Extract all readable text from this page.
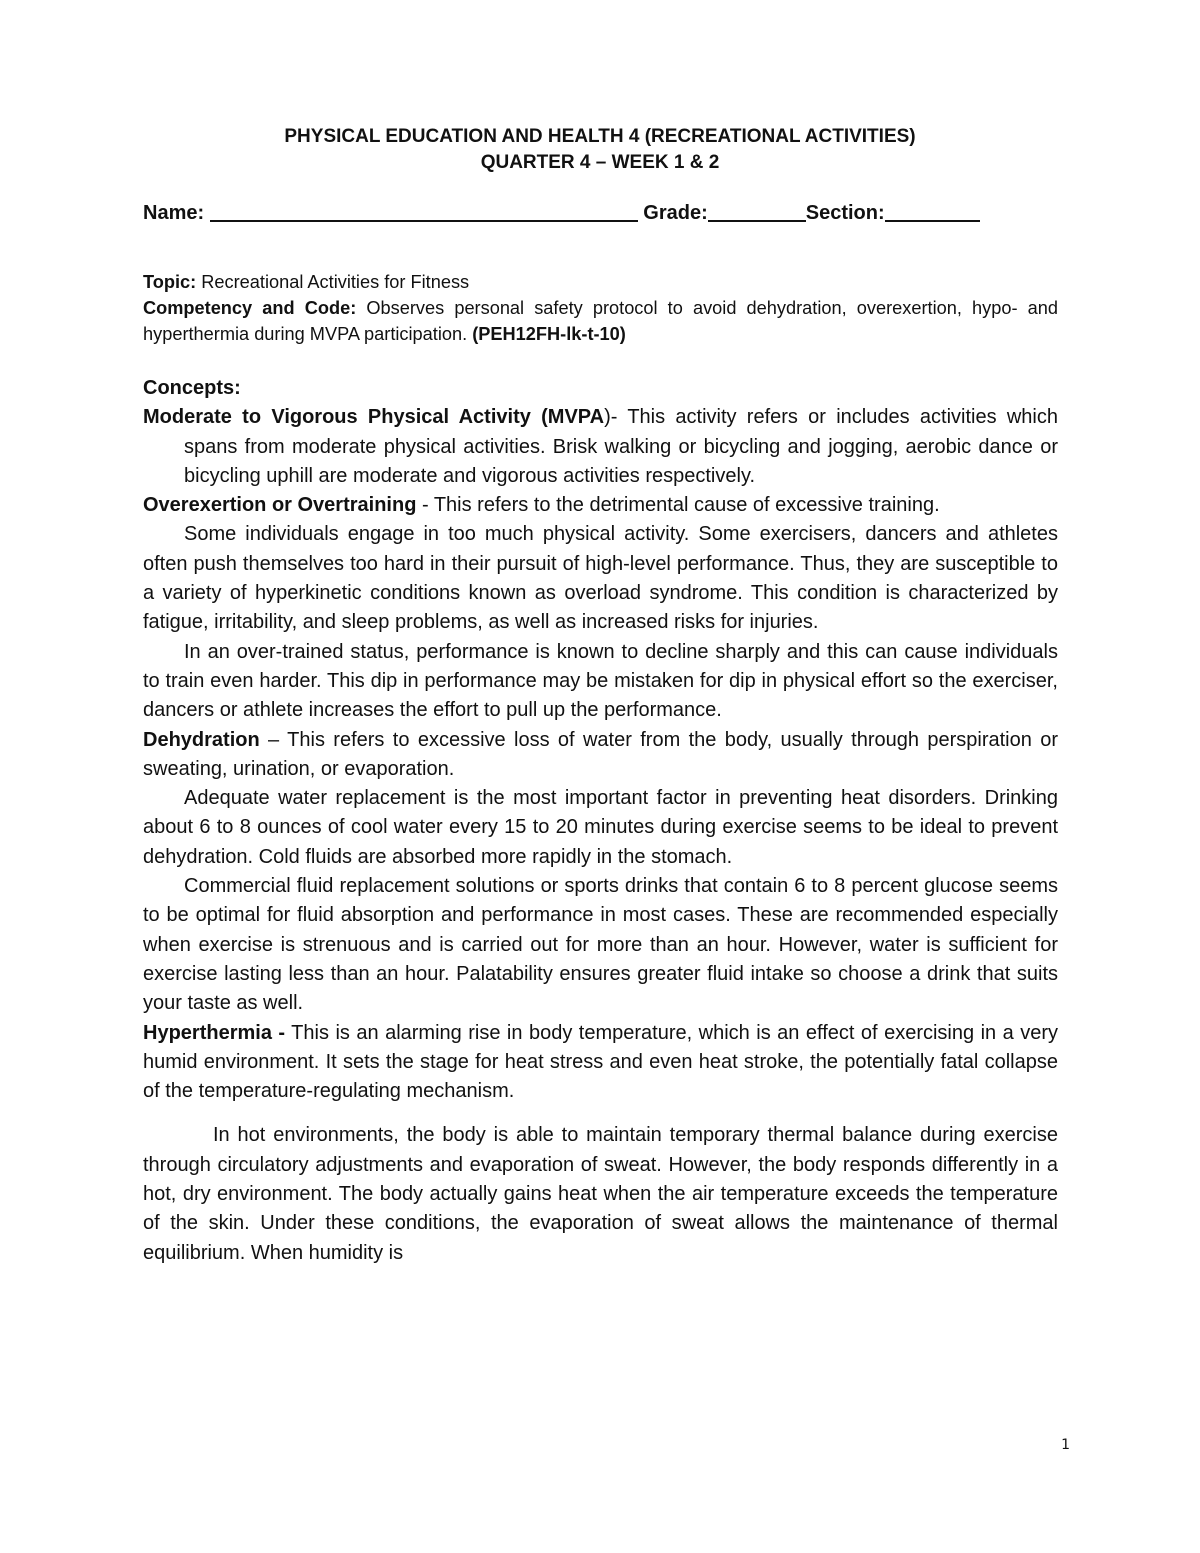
PHYSICAL EDUCATION AND HEALTH 4 (RECREATIONAL ACTIVITIES)
QUARTER 4 – WEEK 1 & 2
Name:	Grade:	Section:

Topic: Recreational Activities for Fitness

Competency and Code: Observes personal safety protocol to avoid dehydration, overexertion, hypo- and hyperthermia during MVPA participation. (PEH12FH-lk-t-10)

Concepts:

Moderate to Vigorous Physical Activity (MVPA)- This activity refers or includes activities which spans from moderate physical activities. Brisk walking or bicycling and jogging, aerobic dance or bicycling uphill are moderate and vigorous activities respectively.

Overexertion or Overtraining - This refers to the detrimental cause of excessive training.

Some individuals engage in too much physical activity. Some exercisers, dancers and athletes often push themselves too hard in their pursuit of high-level performance. Thus, they are susceptible to a variety of hyperkinetic conditions known as overload syndrome. This condition is characterized by fatigue, irritability, and sleep problems, as well as increased risks for injuries.

In an over-trained status, performance is known to decline sharply and this can cause individuals to train even harder. This dip in performance may be mistaken for dip in physical effort so the exerciser, dancers or athlete increases the effort to pull up the performance.

Dehydration – This refers to excessive loss of water from the body, usually through perspiration or sweating, urination, or evaporation.

Adequate water replacement is the most important factor in preventing heat disorders. Drinking about 6 to 8 ounces of cool water every 15 to 20 minutes during exercise seems to be ideal to prevent dehydration. Cold fluids are absorbed more rapidly in the stomach.

Commercial fluid replacement solutions or sports drinks that contain 6 to 8 percent glucose seems to be optimal for fluid absorption and performance in most cases. These are recommended especially when exercise is strenuous and is carried out for more than an hour. However, water is sufficient for exercise lasting less than an hour. Palatability ensures greater fluid intake so choose a drink that suits your taste as well.

Hyperthermia - This is an alarming rise in body temperature, which is an effect of exercising in a very humid environment. It sets the stage for heat stress and even heat stroke, the potentially fatal collapse of the temperature-regulating mechanism.

In hot environments, the body is able to maintain temporary thermal balance during exercise through circulatory adjustments and evaporation of sweat. However, the body responds differently in a hot, dry environment. The body actually gains heat when the air temperature exceeds the temperature of the skin. Under these conditions, the evaporation of sweat allows the maintenance of thermal equilibrium. When humidity is

1
